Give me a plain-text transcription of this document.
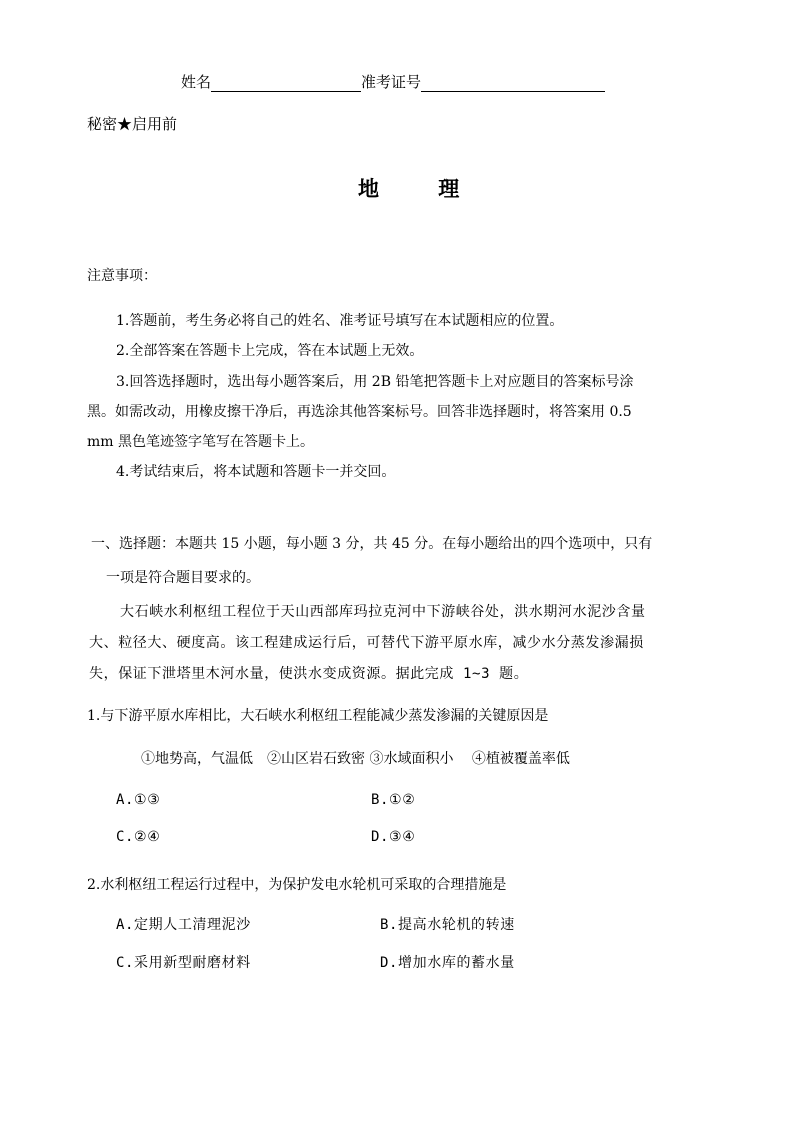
姓名	准考证号
秘密★启用前
地 理
注意事项：
1.答题前，考生务必将自己的姓名、准考证号填写在本试题相应的位置。
2.全部答案在答题卡上完成，答在本试题上无效。
3.回答选择题时，选出每小题答案后，用 2B 铅笔把答题卡上对应题目的答案标号涂
黑。如需改动，用橡皮擦干净后，再选涂其他答案标号。回答非选择题时，将答案用 0.5
mm 黑色笔迹签字笔写在答题卡上。
4.考试结束后，将本试题和答题卡一并交回。
一、选择题：本题共 15 小题，每小题 3 分，共 45 分。在每小题给出的四个选项中，只有
一项是符合题目要求的。
大石峡水利枢纽工程位于天山西部库玛拉克河中下游峡谷处，洪水期河水泥沙含量
大、粒径大、硬度高。该工程建成运行后，可替代下游平原水库，减少水分蒸发渗漏损
失，保证下泄塔里木河水量，使洪水变成资源。据此完成 1~3 题。
1.与下游平原水库相比，大石峡水利枢纽工程能减少蒸发渗漏的关键原因是
①地势高，气温低　②山区岩石致密 ③水域面积小　 ④植被覆盖率低
A.①③	B.①②
C.②④	D.③④
2.水利枢纽工程运行过程中，为保护发电水轮机可采取的合理措施是
A.定期人工清理泥沙	B.提高水轮机的转速
C.采用新型耐磨材料	D.增加水库的蓄水量
